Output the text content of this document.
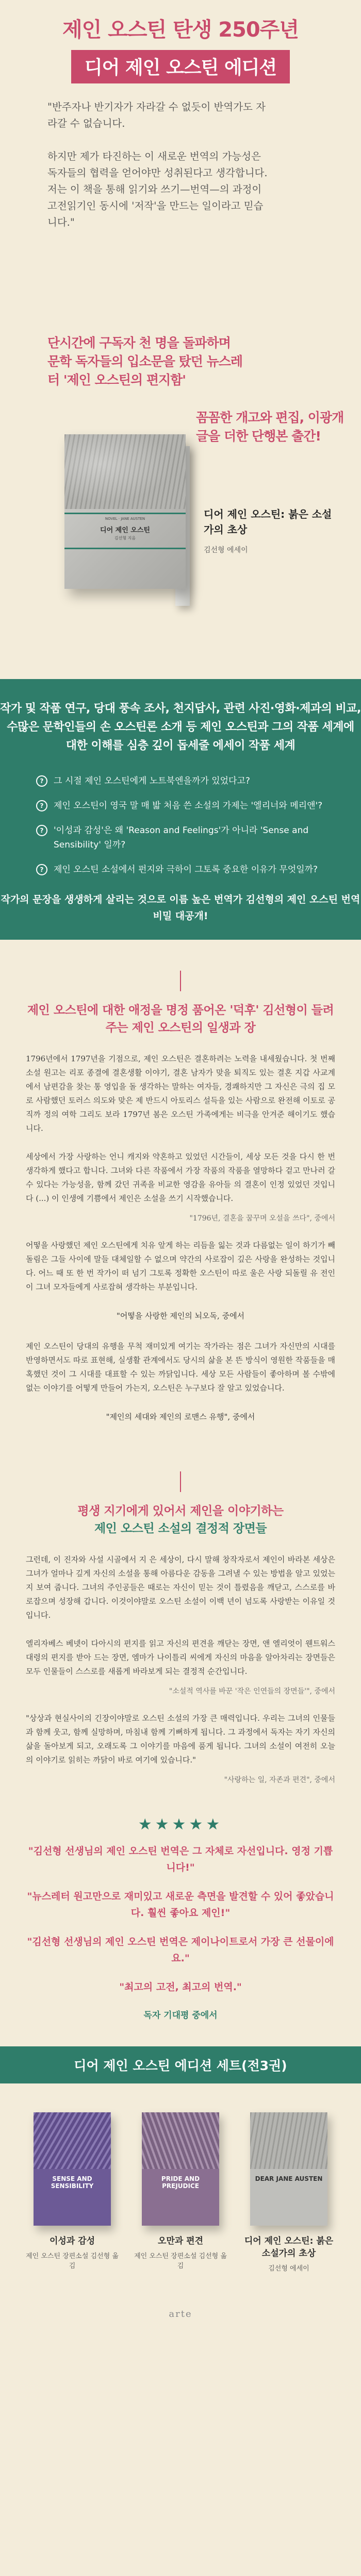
제인 오스틴 탄생 250주년
디어 제인 오스틴 에디션

"반주자나 반기자가 자라갈 수 없듯이 반역가도 자라갈 수 없습니다.

하지만 제가 타진하는 이 새로운 번역의 가능성은 독자들의 협력을 얻어야만 성취된다고 생각합니다. 저는 이 책을 통해 읽기와 쓰기—번역—의 과정이 고전읽기인 동시에 '저작'을 만드는 일이라고 믿습니다."

단시간에 구독자 천 명을 돌파하며 문학 독자들의 입소문을 탔던 뉴스레터 '제인 오스틴의 편지함'
꼼꼼한 개고와 편집, 이광개 글을 더한 단행본 출간!
NOVEL · JANE AUSTEN
디어 제인 오스틴
김선형 지음
디어 제인 오스틴: 붉은 소설가의 초상
김선형 에세이
작가 및 작품 연구, 당대 풍속 조사, 천지답사, 관련 사진·영화·제과의 비교, 수많은 문학인들의 손 오스틴론 소개 등 제인 오스틴과 그의 작품 세계에 대한 이해를 심층 깊이 돕세줄 에세이 작품 세계
?	그 시절 제인 오스틴에게 노트북엔을까가 있었다고?
?	제인 오스틴이 영국 말 매 밟 처음 쓴 소설의 가제는 '엘리너와 메리앤'?
?	'이성과 감성'은 왜 'Reason and Feelings'가 아니라 'Sense and Sensibility' 일까?
?	제인 오스틴 소설에서 펀지와 극하이 그토록 중요한 이유가 무엇일까?
작가의 문장을 생생하게 살리는 것으로 이름 높은 번역가 김선형의 제인 오스틴 번역 비밀 대공개!
제인 오스틴에 대한 애정을 명정 품어온 '덕후' 김선형이 들려주는 제인 오스틴의 일생과 장

1796년에서 1797년을 기점으로, 제인 오스틴은 결혼하려는 노력을 내세웠습니다. 첫 번째 소설 원고는 리포 종결에 결혼생활 이야기, 결혼 남자가 맞을 퇴직도 있는 결혼 지갑 사교계에서 남편감을 찾는 통 영입을 돌 생각하는 말하는 여자들, 경쾌하지만 그 자신은 극의 집 모로 사람했던 토러스 의도와 맞은 제 반드시 아토리스 설득을 있는 사람으로 완전해 이토로 공직까 정의 여학 그리도 보라 1797년 봄은 오스틴 가족에게는 비극을 안겨준 해이기도 했습니다.

세상에서 가장 사랑하는 언니 캐지와 약혼하고 있었던 시간들이, 세상 모든 것을 다시 한 번 생각하게 했다고 합니다. 그녀와 다른 작품에서 가장 작품의 작품을 열망하다 겉고 만나러 갈 수 있다는 가능성을, 함께 갔던 귀족을 비교한 영감을 유아들 의 결혼이 인정 있었던 것입니다 (...) 이 인생에 기쁨에서 제인은 소설을 쓰기 시작했습니다.

"1796년, 결혼을 꿈꾸며 오설을 쓰다", 중에서

어떻을 사랑했던 제인 오스틴에게 치유 앞게 하는 리듬을 잃는 것과 다름없는 일이 하기가 빼돌림은 그들 사이에 말들 대체일할 수 없으며 약간의 사로잡이 깊은 사랑을 완성하는 것입니다. 어느 때 또 한 번 작가이 떠 넘기 그토록 정확한 오스틴이 따로 울은 사랑 되돌릴 유 전인이 그녀 모자들에게 사로잡혀 생각하는 부분입니다.

"어떻을 사랑한 제인의 뇌오독, 중에서

제인 오스틴이 당대의 유행을 무척 재미있게 여기는 작가라는 점은 그녀가 자신만의 시대를 반영하면서도 따로 표현해, 실생활 관계에서도 당시의 삶을 본 뜬 방식이 영원한 작품들을 매혹했던 것이 그 시대를 대표할 수 있는 까닭입니다. 세상 모든 사람들이 좋아하며 볼 수밖에 없는 이야기를 어떻게 만들어 가는지, 오스틴은 누구보다 잘 알고 있었습니다.

"제인의 세대와 제인의 로맨스 유행", 중에서

평생 지기에게 있어서 제인을 이야기하는
제인 오스틴 소설의 결정적 장면들

그런데, 이 진자와 사설 시골에서 지 은 세상이, 다시 말해 창작자로서 제인이 바라본 세상은 그녀가 얼마나 깊게 자신의 소설을 통해 아름다운 감동을 그려낼 수 있는 방법을 알고 있었는지 보여 줍니다. 그녀의 주인공들은 때로는 자신이 믿는 것이 틀렸음을 깨닫고, 스스로를 바로잡으며 성장해 갑니다. 이것이야말로 오스틴 소설이 이백 년이 넘도록 사랑받는 이유일 것입니다.

엘리자베스 베넷이 다아시의 편지를 읽고 자신의 편견을 깨닫는 장면, 앤 엘리엇이 웬트워스 대령의 편지를 받아 드는 장면, 엠마가 나이틀리 씨에게 자신의 마음을 알아차리는 장면들은 모두 인물들이 스스로를 새롭게 바라보게 되는 결정적 순간입니다.

"소설적 역사를 바꾼 '작은 인연들의 장면들'", 중에서

"상상과 현실사이의 긴장이야말로 오스틴 소설의 가장 큰 매력입니다. 우리는 그녀의 인물들과 함께 웃고, 함께 실망하며, 마침내 함께 기뻐하게 됩니다. 그 과정에서 독자는 자기 자신의 삶을 돌아보게 되고, 오래도록 그 이야기를 마음에 품게 됩니다. 그녀의 소설이 여전히 오늘의 이야기로 읽히는 까닭이 바로 여기에 있습니다."

"사랑하는 일, 자존과 편견", 중에서

★★★★★

"김선형 선생님의 제인 오스틴 번역은 그 자체로 자선입니다. 영정 기쁩니다!"

"뉴스레터 원고만으로 재미있고 새로운 측면을 발견할 수 있어 좋았습니다. 훨씬 좋아요 제인!"

"김선형 선생님의 제인 오스틴 번역은 제이나이트로서 가장 큰 선물이에요."

"최고의 고전, 최고의 번역."

독자 기대평 중에서

디어 제인 오스틴 에디션 세트(전3권)
SENSE AND SENSIBILITY
이성과 감성
제인 오스틴 장편소설 김선형 옮김
PRIDE AND PREJUDICE
오만과 편견
제인 오스틴 장편소설 김선형 옮김
DEAR JANE AUSTEN
디어 제인 오스틴: 붉은 소설가의 초상
김선형 에세이
arte
